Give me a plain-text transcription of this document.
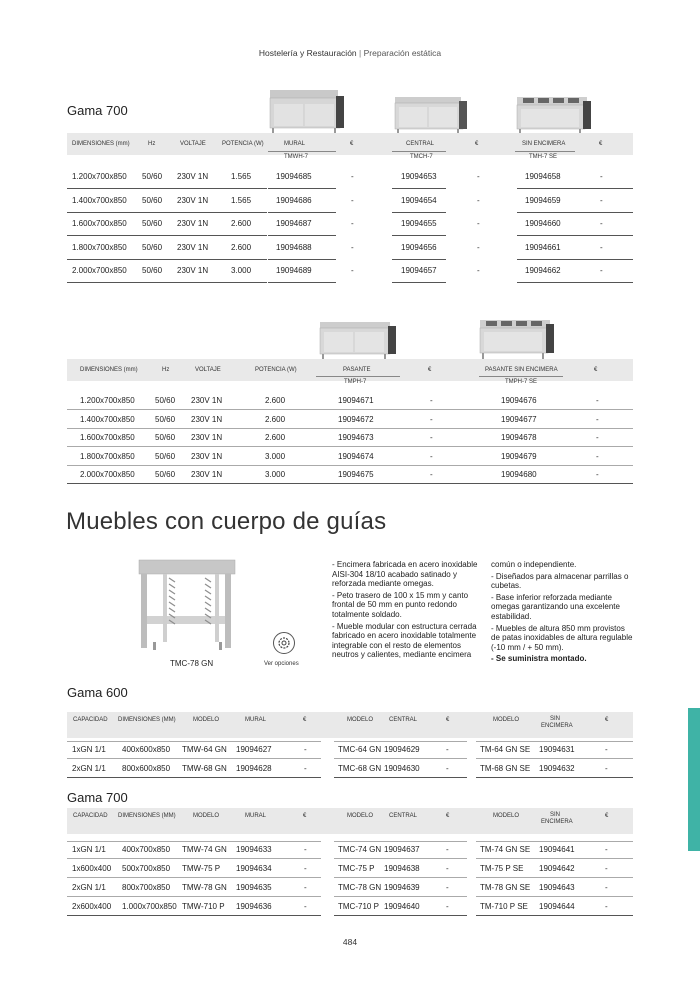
Hostelería y Restauración | Preparación estática
Gama 700
DIMENSIONES (mm)	Hz	VOLTAJE	POTENCIA (W)	MURAL	€	CENTRAL	€	SIN ENCIMERA	€
TMWH-7	TMCH-7	TMH-7 SE
1.200x700x850 50/60 230V 1N	1.565	19094685	-	19094653	-	19094658	-
1.400x700x850 50/60 230V 1N	1.565	19094686	-	19094654	-	19094659	-
1.600x700x850 50/60 230V 1N	2.600	19094687	-	19094655	-	19094660	-
1.800x700x850 50/60 230V 1N	2.600	19094688	-	19094656	-	19094661	-
2.000x700x850 50/60 230V 1N	3.000	19094689	-	19094657	-	19094662	-
DIMENSIONES (mm)	Hz	VOLTAJE	POTENCIA (W)	PASANTE	€	PASANTE SIN ENCIMERA	€
TMPH-7	TMPH-7 SE
1.200x700x850	50/60 230V 1N	2.600	19094671	-	19094676	-
1.400x700x850	50/60 230V 1N	2.600	19094672	-	19094677	-
1.600x700x850	50/60 230V 1N	2.600	19094673	-	19094678	-
1.800x700x850	50/60 230V 1N	3.000	19094674	-	19094679	-
2.000x700x850	50/60 230V 1N	3.000	19094675	-	19094680	-
Muebles con cuerpo de guías
TMC-78 GN	Ver opciones

- Encimera fabricada en acero inoxidable AISI-304 18/10 acabado satinado y reforzada mediante omegas.

- Peto trasero de 100 x 15 mm y canto frontal de 50 mm en punto redondo totalmente soldado.

- Mueble modular con estructura cerrada fabricado en acero inoxidable totalmente integrable con el resto de elementos neutros y calientes, mediante encimera

común o independiente.

- Diseñados para almacenar parrillas o cubetas.

- Base inferior reforzada mediante omegas garantizando una excelente estabilidad.

- Muebles de altura 850 mm provistos de patas inoxidables de altura regulable (-10 mm / + 50 mm).

- Se suministra montado.

Gama 600
CAPACIDAD DIMENSIONES (MM)	MODELO	MURAL	€	MODELO	CENTRAL	€	MODELO	SIN ENCIMERA
€
1xGN 1/1 400x600x850 TMW-64 GN 19094627	-	TMC-64 GN 19094629	-	TM-64 GN SE 19094631	-
2xGN 1/1 800x600x850 TMW-68 GN 19094628	-	TMC-68 GN 19094630	-	TM-68 GN SE 19094632	-
Gama 700
CAPACIDAD DIMENSIONES (MM)	MODELO	MURAL	€	MODELO	CENTRAL	€	MODELO	SIN ENCIMERA
€
1xGN 1/1 400x700x850 TMW-74 GN 19094633	-	TMC-74 GN 19094637	-	TM-74 GN SE 19094641	-
1x600x400 500x700x850 TMW-75 P 19094634	-	TMC-75 P 19094638	-	TM-75 P SE 19094642	-
2xGN 1/1 800x700x850 TMW-78 GN 19094635	-	TMC-78 GN 19094639	-	TM-78 GN SE 19094643	-
2x600x400 1.000x700x850 TMW-710 P 19094636	-	TMC-710 P 19094640	-	TM-710 P SE 19094644	-
484
